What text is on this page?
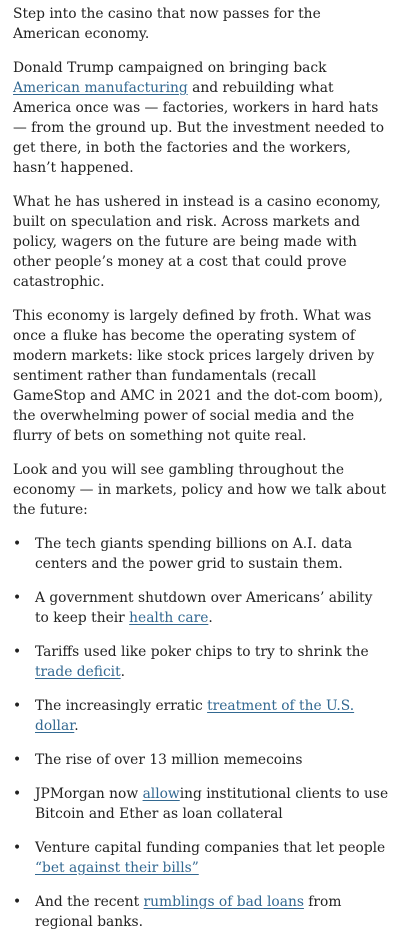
Step into the casino that now passes for the American economy.

Donald Trump campaigned on bringing back American manufacturing and rebuilding what America once was — factories, workers in hard hats — from the ground up. But the investment needed to get there, in both the factories and the workers, hasn’t happened.

What he has ushered in instead is a casino economy, built on speculation and risk. Across markets and policy, wagers on the future are being made with other people’s money at a cost that could prove catastrophic.

This economy is largely defined by froth. What was once a fluke has become the operating system of modern markets: like stock prices largely driven by sentiment rather than fundamentals (recall GameStop and AMC in 2021 and the dot-com boom), the overwhelming power of social media and the flurry of bets on something not quite real.

Look and you will see gambling throughout the economy — in markets, policy and how we talk about the future:

•	The tech giants spending billions on A.I. data centers and the power grid to sustain them.
•	A government shutdown over Americans’ ability to keep their health care.
•	Tariffs used like poker chips to try to shrink the trade deficit.
•	The increasingly erratic treatment of the U.S. dollar.
•	The rise of over 13 million memecoins
•	JPMorgan now allowing institutional clients to use Bitcoin and Ether as loan collateral
•	Venture capital funding companies that let people “bet against their bills”
•	And the recent rumblings of bad loans from regional banks.
